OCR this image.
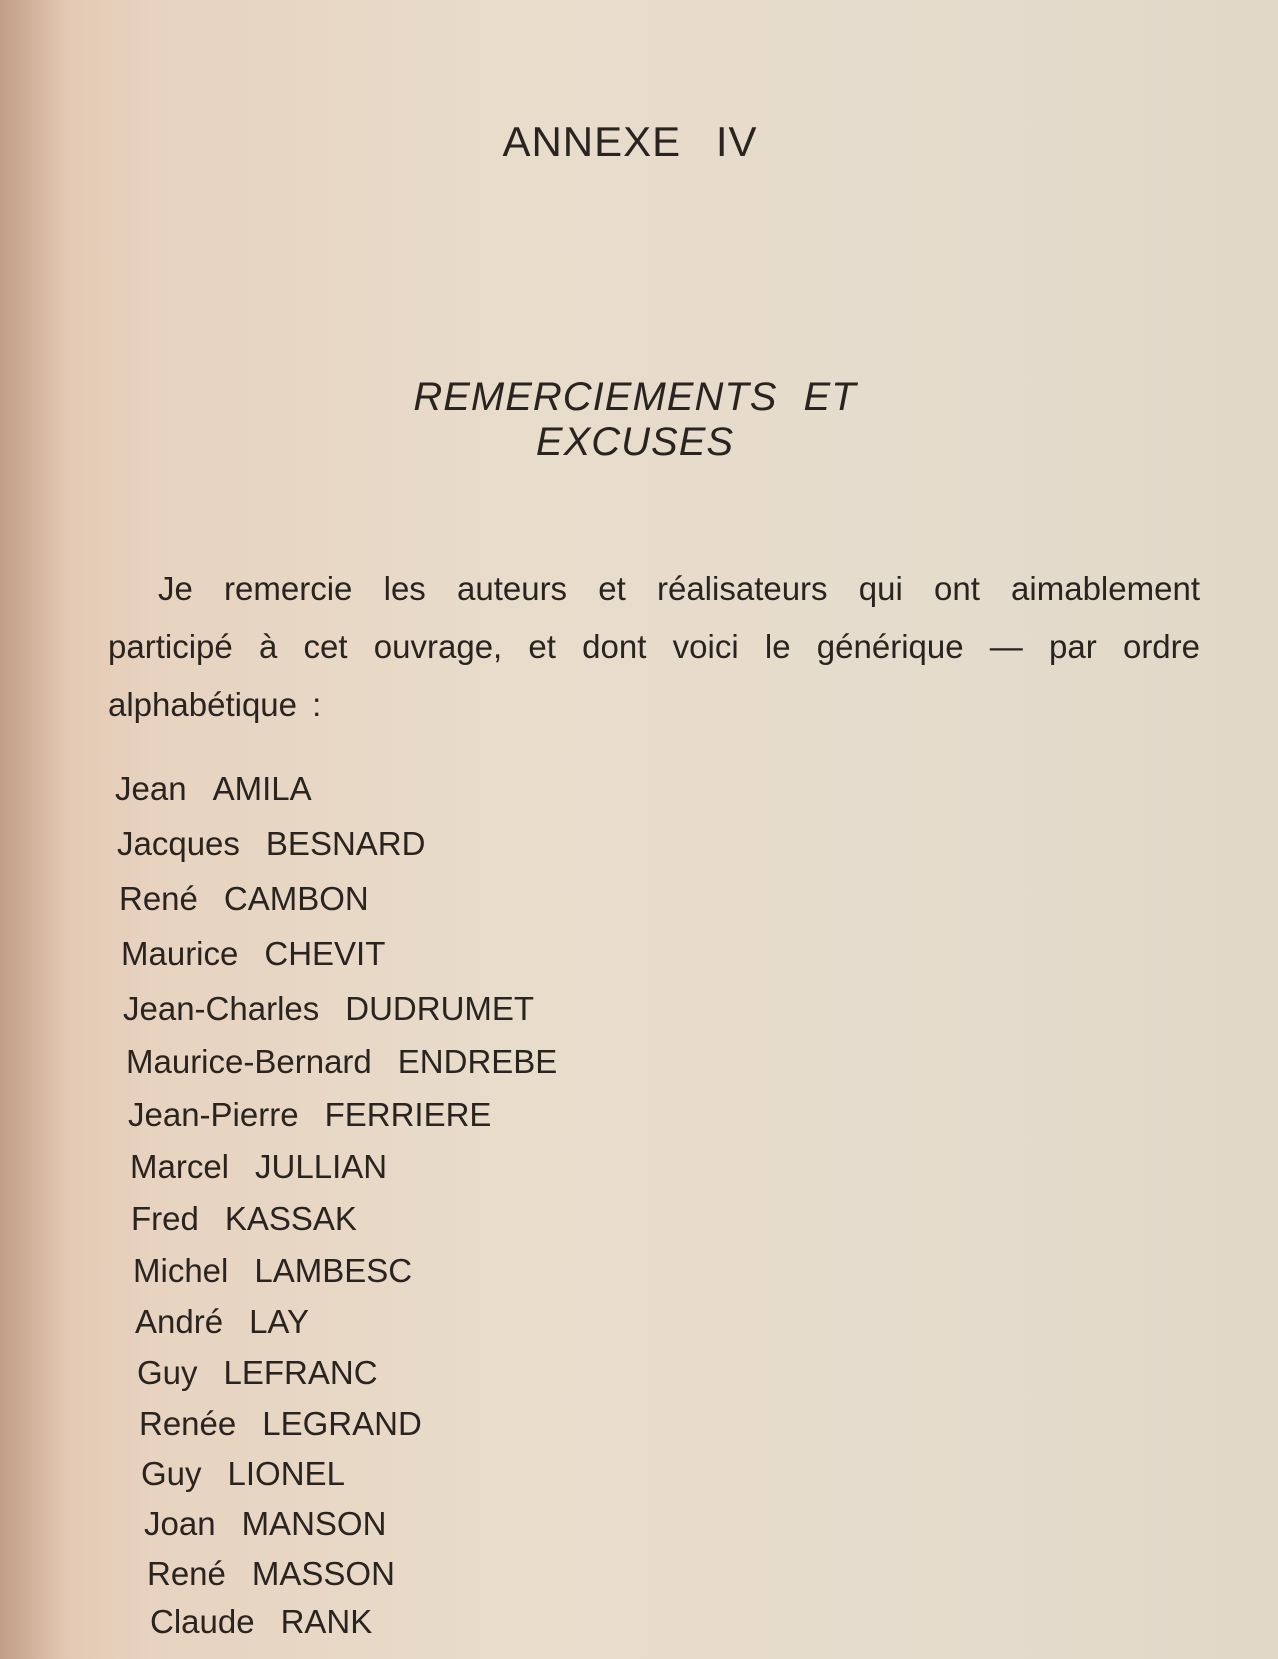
ANNEXE IV
REMERCIEMENTS ET EXCUSES

Je remercie les auteurs et réalisateurs qui ont aimablement participé à cet ouvrage, et dont voici le générique — par ordre alphabétique :

Jean AMILA
Jacques BESNARD
René CAMBON
Maurice CHEVIT
Jean-Charles DUDRUMET
Maurice-Bernard ENDREBE
Jean-Pierre FERRIERE
Marcel JULLIAN
Fred KASSAK
Michel LAMBESC
André LAY
Guy LEFRANC
Renée LEGRAND
Guy LIONEL
Joan MANSON
René MASSON
Claude RANK
